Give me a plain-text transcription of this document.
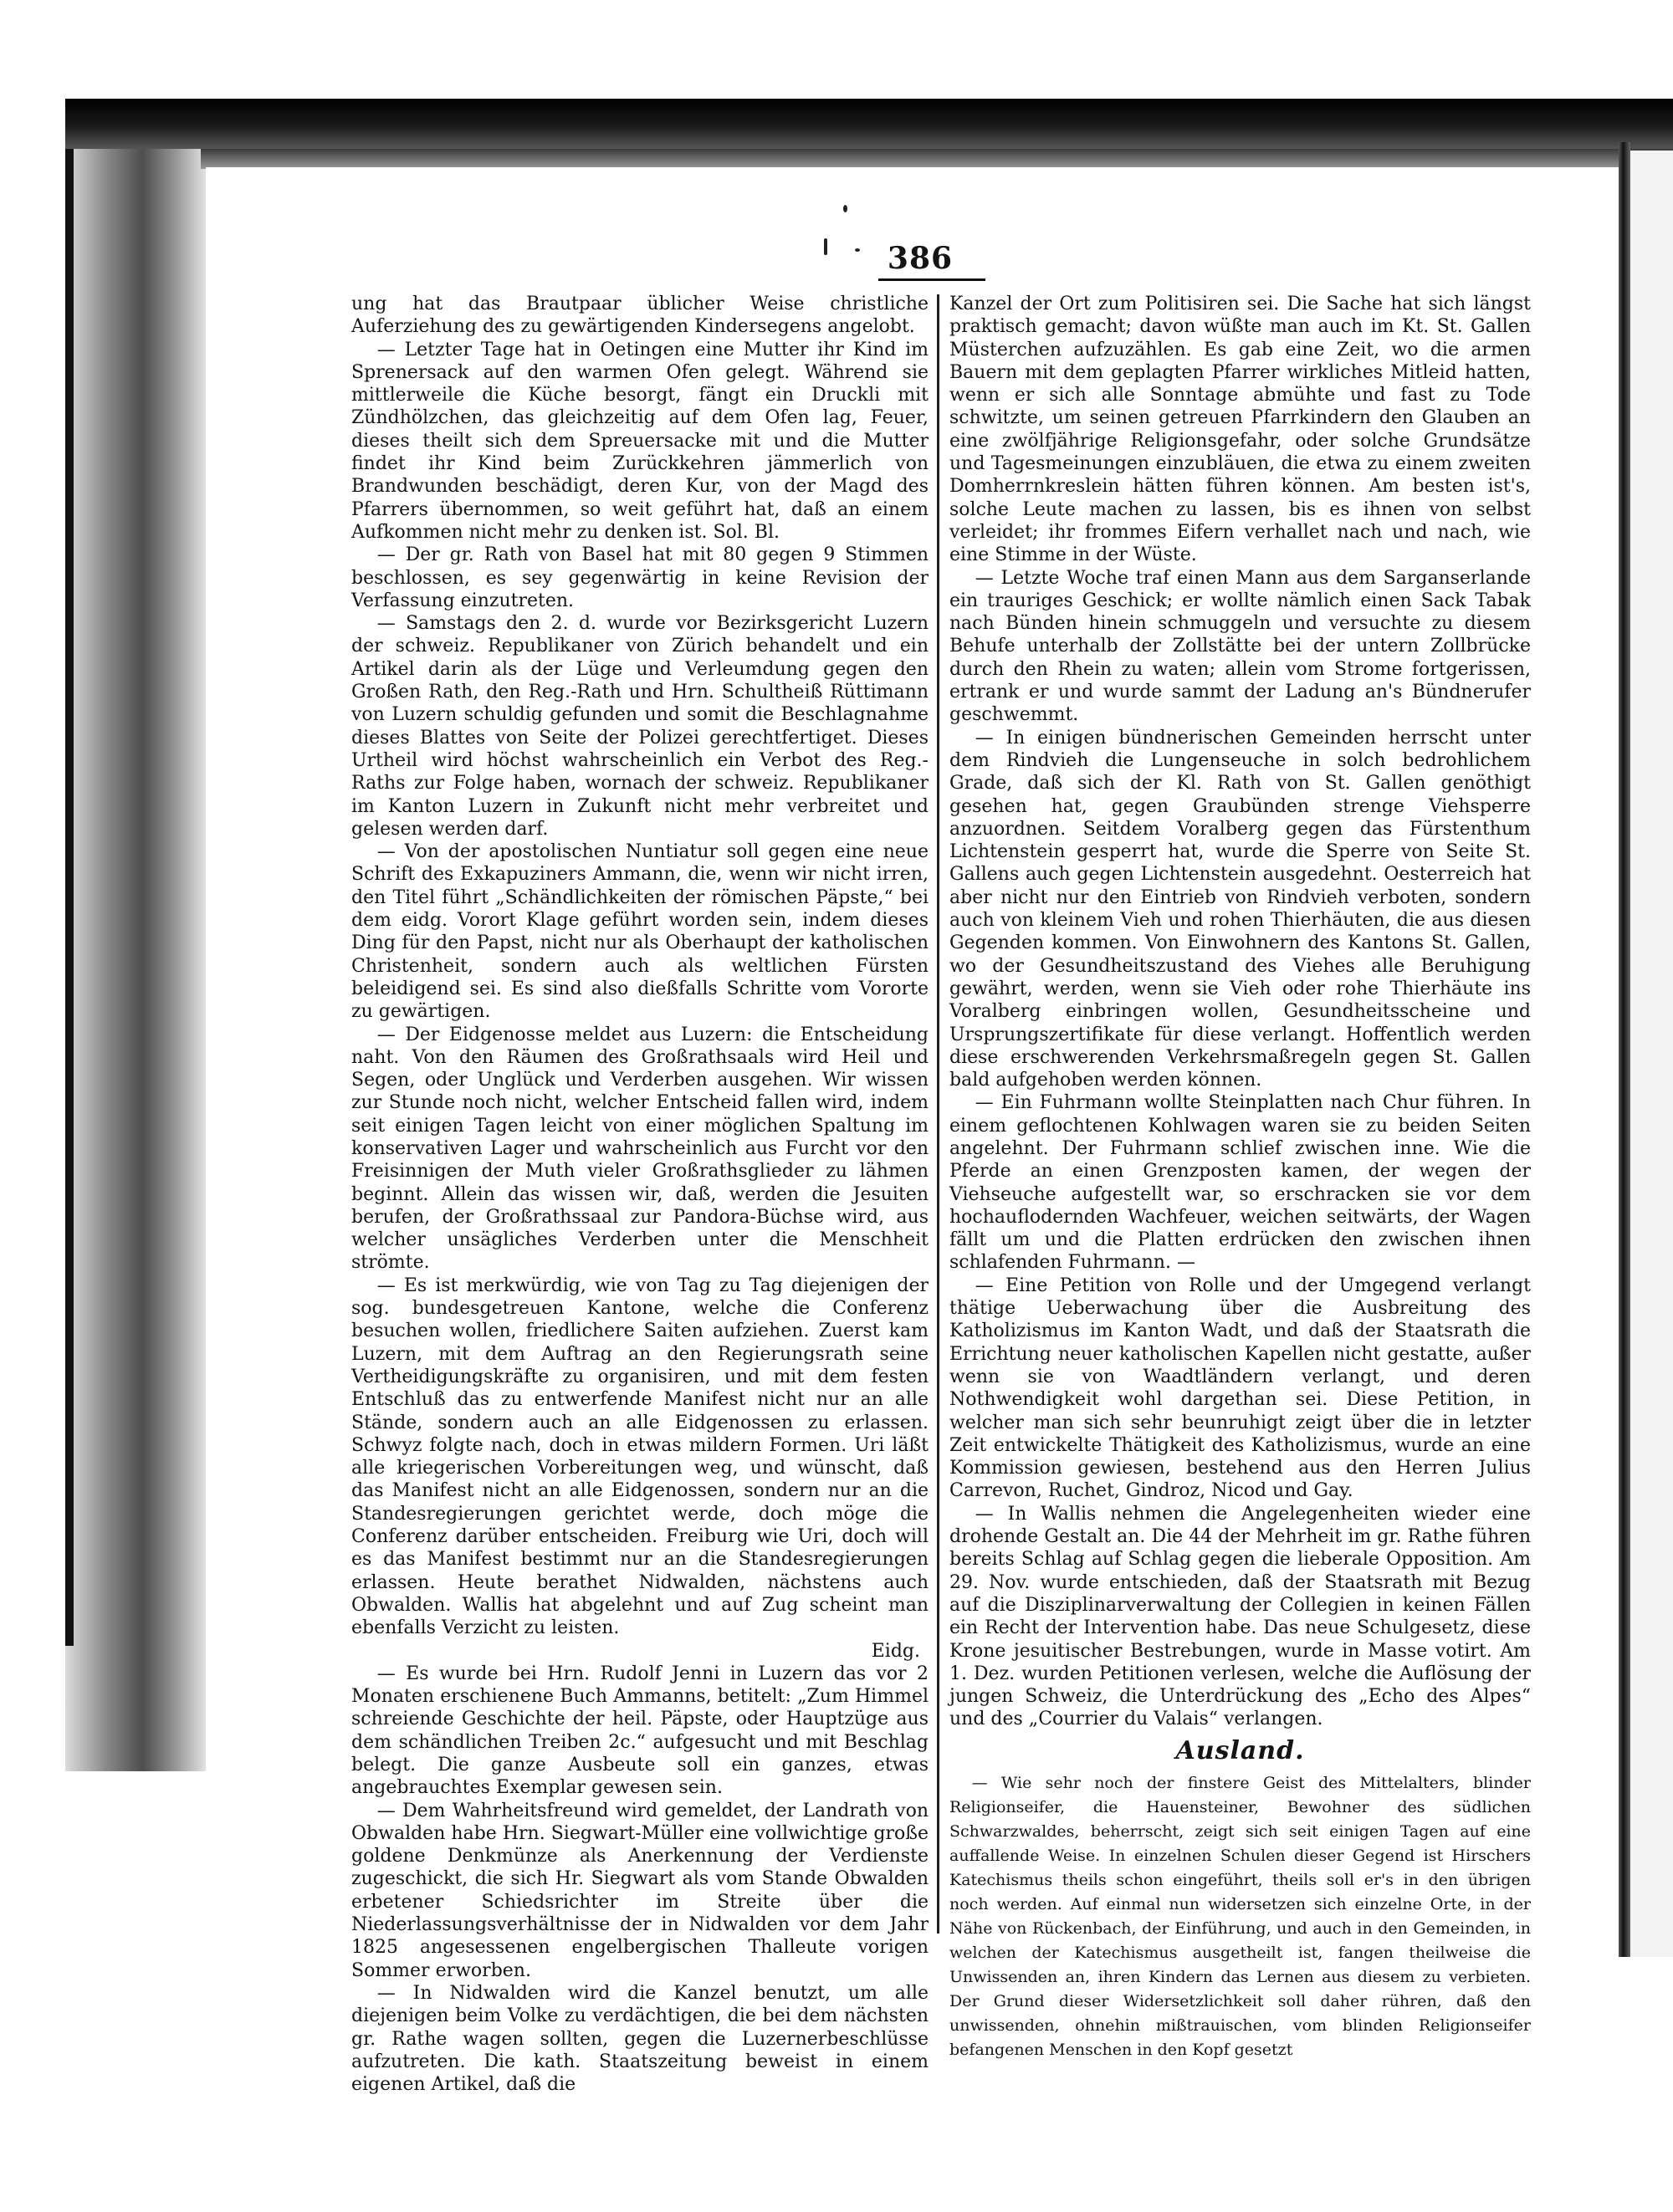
386

ung hat das Brautpaar üblicher Weise christliche Auferziehung des zu gewärtigenden Kindersegens angelobt.

— Letzter Tage hat in Oetingen eine Mutter ihr Kind im Sprenersack auf den warmen Ofen gelegt. Während sie mittlerweile die Küche besorgt, fängt ein Druckli mit Zündhölzchen, das gleichzeitig auf dem Ofen lag, Feuer, dieses theilt sich dem Spreuersacke mit und die Mutter findet ihr Kind beim Zurückkehren jämmerlich von Brandwunden beschädigt, deren Kur, von der Magd des Pfarrers übernommen, so weit geführt hat, daß an einem Aufkommen nicht mehr zu denken ist. Sol. Bl.

— Der gr. Rath von Basel hat mit 80 gegen 9 Stimmen beschlossen, es sey gegenwärtig in keine Revision der Verfassung einzutreten.

— Samstags den 2. d. wurde vor Bezirksgericht Luzern der schweiz. Republikaner von Zürich behandelt und ein Artikel darin als der Lüge und Verleumdung gegen den Großen Rath, den Reg.-Rath und Hrn. Schultheiß Rüttimann von Luzern schuldig gefunden und somit die Beschlagnahme dieses Blattes von Seite der Polizei gerechtfertiget. Dieses Urtheil wird höchst wahrscheinlich ein Verbot des Reg.-Raths zur Folge haben, wornach der schweiz. Republikaner im Kanton Luzern in Zukunft nicht mehr verbreitet und gelesen werden darf.

— Von der apostolischen Nuntiatur soll gegen eine neue Schrift des Exkapuziners Ammann, die, wenn wir nicht irren, den Titel führt „Schändlichkeiten der römischen Päpste,“ bei dem eidg. Vorort Klage geführt worden sein, indem dieses Ding für den Papst, nicht nur als Oberhaupt der katholischen Christenheit, sondern auch als weltlichen Fürsten beleidigend sei. Es sind also dießfalls Schritte vom Vororte zu gewärtigen.

— Der Eidgenosse meldet aus Luzern: die Entscheidung naht. Von den Räumen des Großrathsaals wird Heil und Segen, oder Unglück und Verderben ausgehen. Wir wissen zur Stunde noch nicht, welcher Entscheid fallen wird, indem seit einigen Tagen leicht von einer möglichen Spaltung im konservativen Lager und wahrscheinlich aus Furcht vor den Freisinnigen der Muth vieler Großrathsglieder zu lähmen beginnt. Allein das wissen wir, daß, werden die Jesuiten berufen, der Großrathssaal zur Pandora-Büchse wird, aus welcher unsägliches Verderben unter die Menschheit strömte.

— Es ist merkwürdig, wie von Tag zu Tag diejenigen der sog. bundesgetreuen Kantone, welche die Conferenz besuchen wollen, friedlichere Saiten aufziehen. Zuerst kam Luzern, mit dem Auftrag an den Regierungsrath seine Vertheidigungskräfte zu organisiren, und mit dem festen Entschluß das zu entwerfende Manifest nicht nur an alle Stände, sondern auch an alle Eidgenossen zu erlassen. Schwyz folgte nach, doch in etwas mildern Formen. Uri läßt alle kriegerischen Vorbereitungen weg, und wünscht, daß das Manifest nicht an alle Eidgenossen, sondern nur an die Standesregierungen gerichtet werde, doch möge die Conferenz darüber entscheiden. Freiburg wie Uri, doch will es das Manifest bestimmt nur an die Standesregierungen erlassen. Heute berathet Nidwalden, nächstens auch Obwalden. Wallis hat abgelehnt und auf Zug scheint man ebenfalls Verzicht zu leisten.

Eidg.

— Es wurde bei Hrn. Rudolf Jenni in Luzern das vor 2 Monaten erschienene Buch Ammanns, betitelt: „Zum Himmel schreiende Geschichte der heil. Päpste, oder Hauptzüge aus dem schändlichen Treiben 2c.“ aufgesucht und mit Beschlag belegt. Die ganze Ausbeute soll ein ganzes, etwas angebrauchtes Exemplar gewesen sein.

— Dem Wahrheitsfreund wird gemeldet, der Landrath von Obwalden habe Hrn. Siegwart-Müller eine vollwichtige große goldene Denkmünze als Anerkennung der Verdienste zugeschickt, die sich Hr. Siegwart als vom Stande Obwalden erbetener Schiedsrichter im Streite über die Niederlassungsverhältnisse der in Nidwalden vor dem Jahr 1825 angesessenen engelbergischen Thalleute vorigen Sommer erworben.

— In Nidwalden wird die Kanzel benutzt, um alle diejenigen beim Volke zu verdächtigen, die bei dem nächsten gr. Rathe wagen sollten, gegen die Luzernerbeschlüsse aufzutreten. Die kath. Staatszeitung beweist in einem eigenen Artikel, daß die

Kanzel der Ort zum Politisiren sei. Die Sache hat sich längst praktisch gemacht; davon wüßte man auch im Kt. St. Gallen Müsterchen aufzuzählen. Es gab eine Zeit, wo die armen Bauern mit dem geplagten Pfarrer wirkliches Mitleid hatten, wenn er sich alle Sonntage abmühte und fast zu Tode schwitzte, um seinen getreuen Pfarrkindern den Glauben an eine zwölfjährige Religionsgefahr, oder solche Grundsätze und Tagesmeinungen einzubläuen, die etwa zu einem zweiten Domherrnkreslein hätten führen können. Am besten ist's, solche Leute machen zu lassen, bis es ihnen von selbst verleidet; ihr frommes Eifern verhallet nach und nach, wie eine Stimme in der Wüste.

— Letzte Woche traf einen Mann aus dem Sarganserlande ein trauriges Geschick; er wollte nämlich einen Sack Tabak nach Bünden hinein schmuggeln und versuchte zu diesem Behufe unterhalb der Zollstätte bei der untern Zollbrücke durch den Rhein zu waten; allein vom Strome fortgerissen, ertrank er und wurde sammt der Ladung an's Bündnerufer geschwemmt.

— In einigen bündnerischen Gemeinden herrscht unter dem Rindvieh die Lungenseuche in solch bedrohlichem Grade, daß sich der Kl. Rath von St. Gallen genöthigt gesehen hat, gegen Graubünden strenge Viehsperre anzuordnen. Seitdem Voralberg gegen das Fürstenthum Lichtenstein gesperrt hat, wurde die Sperre von Seite St. Gallens auch gegen Lichtenstein ausgedehnt. Oesterreich hat aber nicht nur den Eintrieb von Rindvieh verboten, sondern auch von kleinem Vieh und rohen Thierhäuten, die aus diesen Gegenden kommen. Von Einwohnern des Kantons St. Gallen, wo der Gesundheitszustand des Viehes alle Beruhigung gewährt, werden, wenn sie Vieh oder rohe Thierhäute ins Voralberg einbringen wollen, Gesundheitsscheine und Ursprungszertifikate für diese verlangt. Hoffentlich werden diese erschwerenden Verkehrsmaßregeln gegen St. Gallen bald aufgehoben werden können.

— Ein Fuhrmann wollte Steinplatten nach Chur führen. In einem geflochtenen Kohlwagen waren sie zu beiden Seiten angelehnt. Der Fuhrmann schlief zwischen inne. Wie die Pferde an einen Grenzposten kamen, der wegen der Viehseuche aufgestellt war, so erschracken sie vor dem hochauflodernden Wachfeuer, weichen seitwärts, der Wagen fällt um und die Platten erdrücken den zwischen ihnen schlafenden Fuhrmann. —

— Eine Petition von Rolle und der Umgegend verlangt thätige Ueberwachung über die Ausbreitung des Katholizismus im Kanton Wadt, und daß der Staatsrath die Errichtung neuer katholischen Kapellen nicht gestatte, außer wenn sie von Waadtländern verlangt, und deren Nothwendigkeit wohl dargethan sei. Diese Petition, in welcher man sich sehr beunruhigt zeigt über die in letzter Zeit entwickelte Thätigkeit des Katholizismus, wurde an eine Kommission gewiesen, bestehend aus den Herren Julius Carrevon, Ruchet, Gindroz, Nicod und Gay.

— In Wallis nehmen die Angelegenheiten wieder eine drohende Gestalt an. Die 44 der Mehrheit im gr. Rathe führen bereits Schlag auf Schlag gegen die lieberale Opposition. Am 29. Nov. wurde entschieden, daß der Staatsrath mit Bezug auf die Disziplinarverwaltung der Collegien in keinen Fällen ein Recht der Intervention habe. Das neue Schulgesetz, diese Krone jesuitischer Bestrebungen, wurde in Masse votirt. Am 1. Dez. wurden Petitionen verlesen, welche die Auflösung der jungen Schweiz, die Unterdrückung des „Echo des Alpes“ und des „Courrier du Valais“ verlangen.

Ausland.

— Wie sehr noch der finstere Geist des Mittelalters, blinder Religionseifer, die Hauensteiner, Bewohner des südlichen Schwarzwaldes, beherrscht, zeigt sich seit einigen Tagen auf eine auffallende Weise. In einzelnen Schulen dieser Gegend ist Hirschers Katechismus theils schon eingeführt, theils soll er's in den übrigen noch werden. Auf einmal nun widersetzen sich einzelne Orte, in der Nähe von Rückenbach, der Einführung, und auch in den Gemeinden, in welchen der Katechismus ausgetheilt ist, fangen theilweise die Unwissenden an, ihren Kindern das Lernen aus diesem zu verbieten. Der Grund dieser Widersetzlichkeit soll daher rühren, daß den unwissenden, ohnehin mißtrauischen, vom blinden Religionseifer befangenen Menschen in den Kopf gesetzt
